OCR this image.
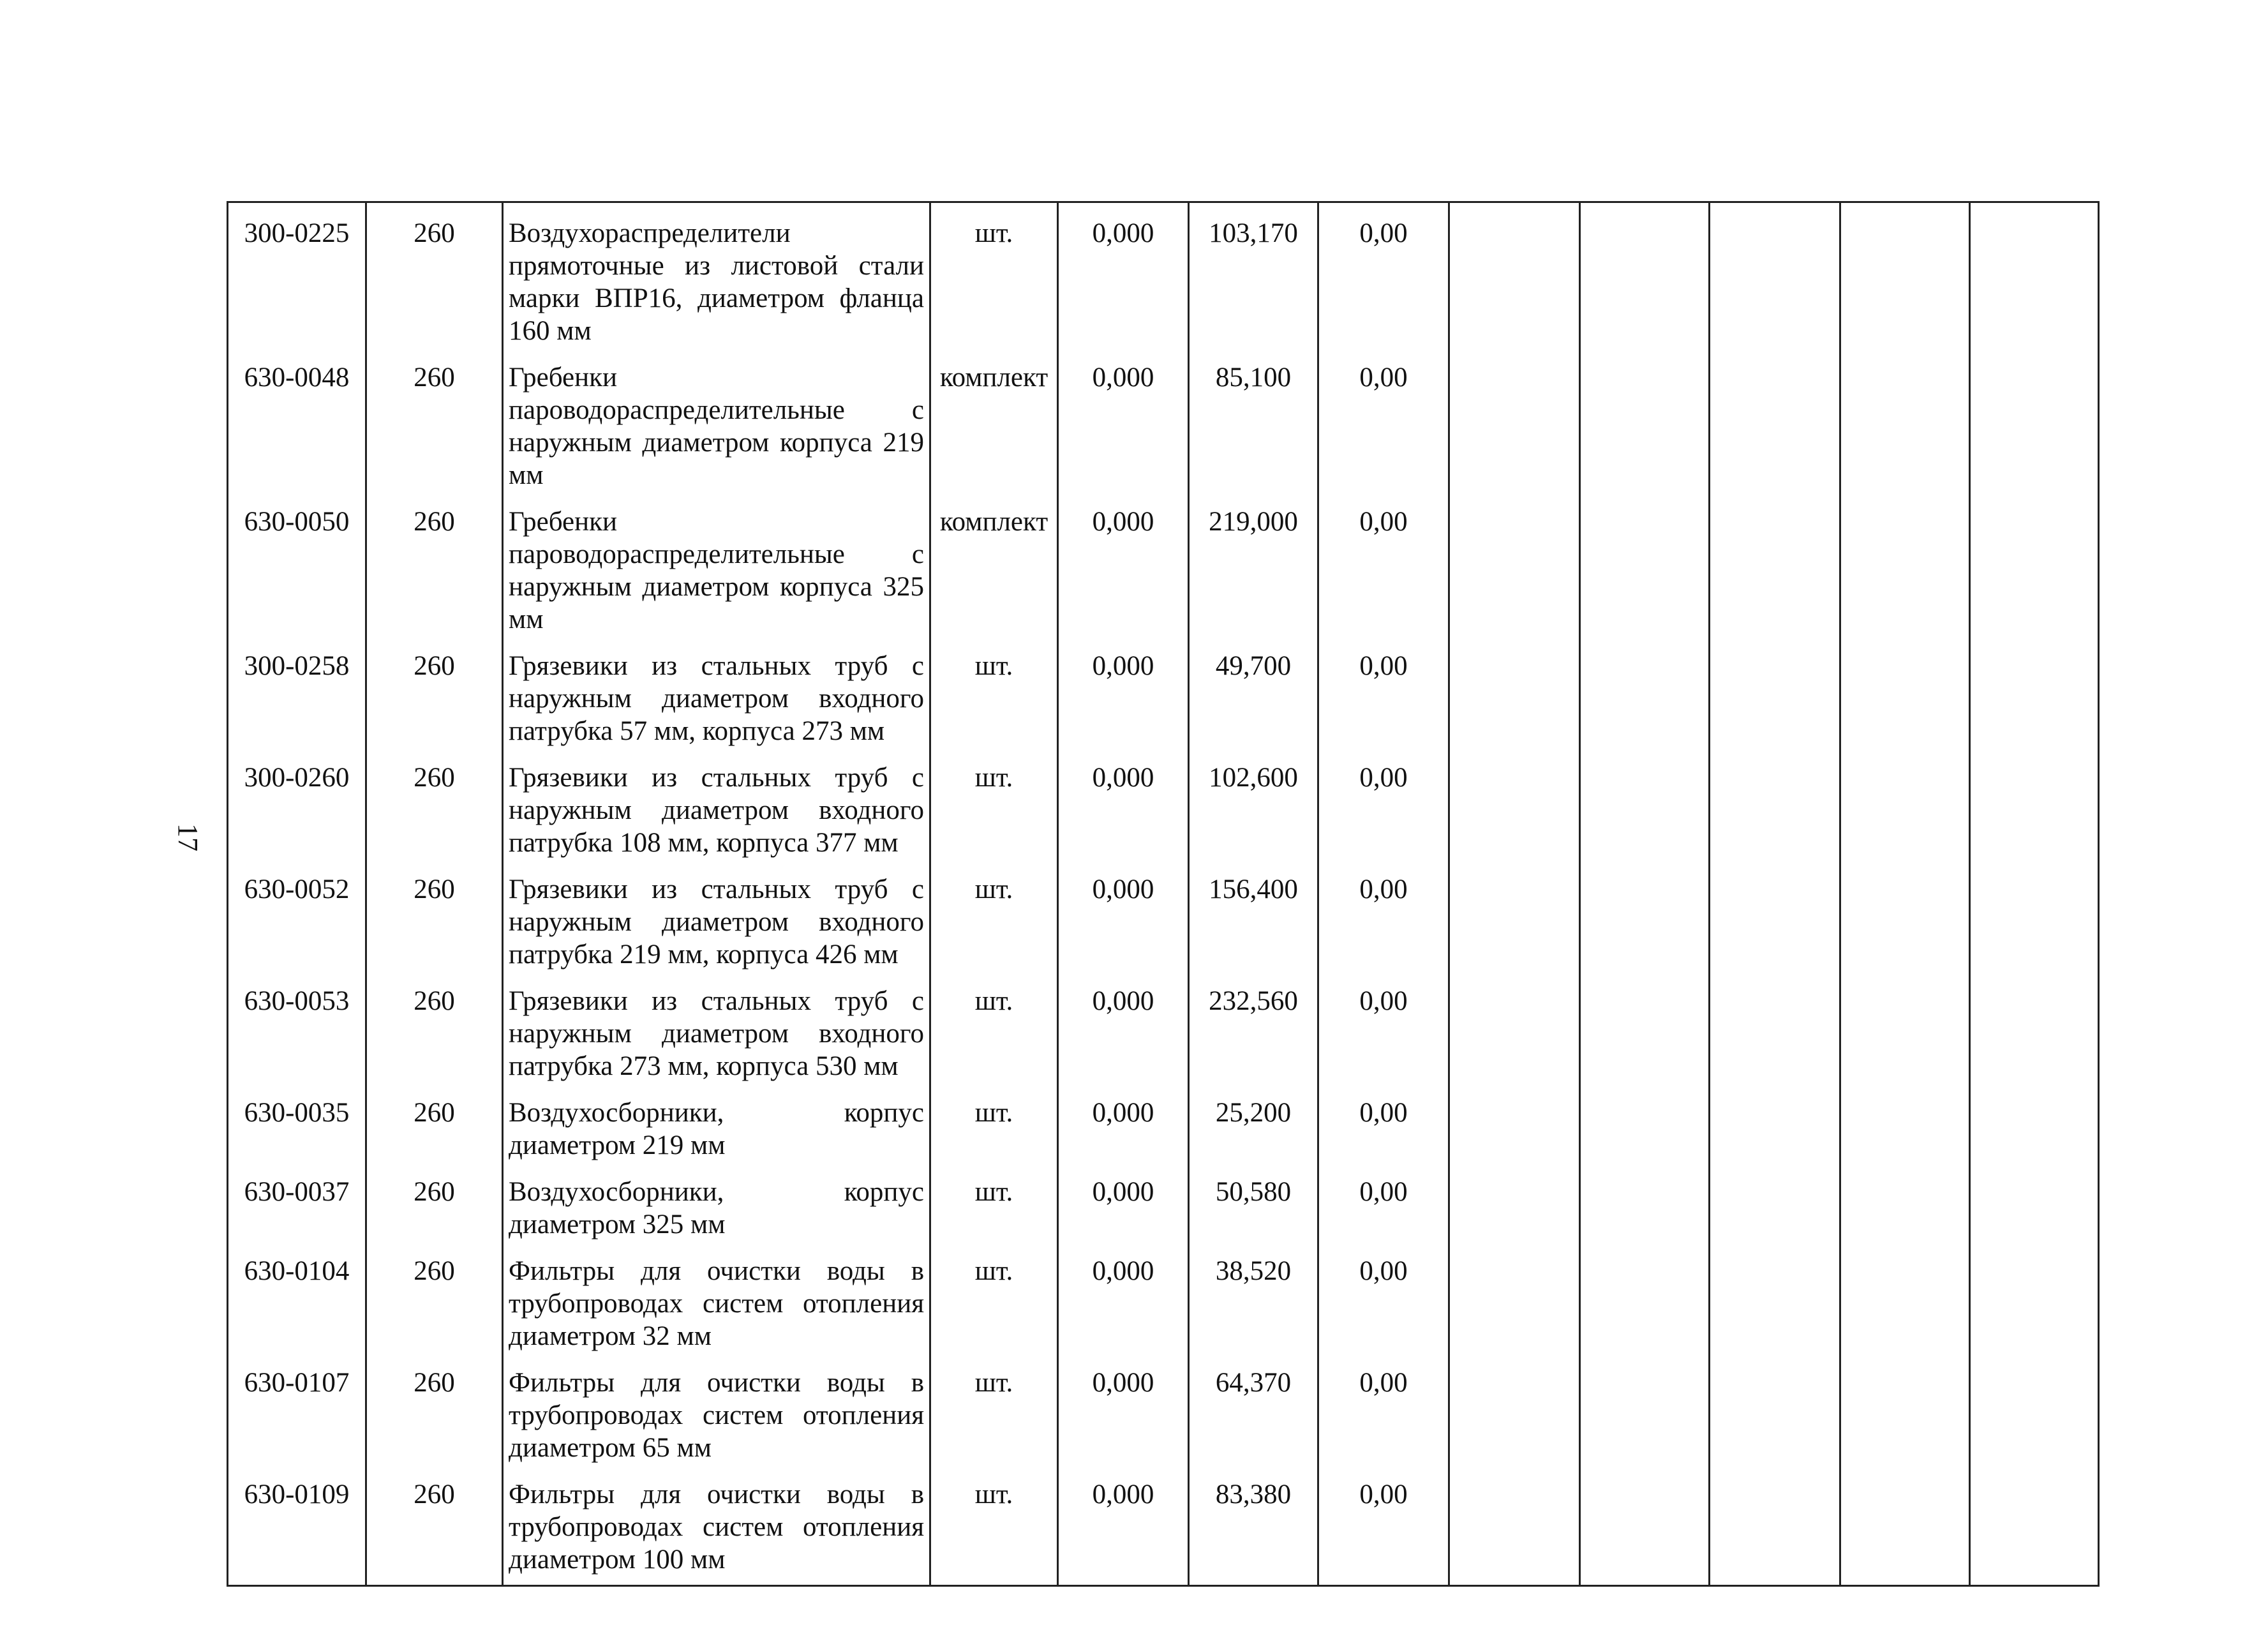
17
300-0225	260	Воздухораспределители прямоточные из листовой стали марки ВПР16, диаметром фланца 160 мм	шт.	0,000	103,170	0,00					

630-0048	260	Гребенки пароводораспределительные с наружным диаметром корпуса 219 мм	комплект	0,000	85,100	0,00					

630-0050	260	Гребенки пароводораспределительные с наружным диаметром корпуса 325 мм	комплект	0,000	219,000	0,00					

300-0258	260	Грязевики из стальных труб с наружным диаметром входного патрубка 57 мм, корпуса 273 мм	шт.	0,000	49,700	0,00					

300-0260	260	Грязевики из стальных труб с наружным диаметром входного патрубка 108 мм, корпуса 377 мм	шт.	0,000	102,600	0,00					

630-0052	260	Грязевики из стальных труб с наружным диаметром входного патрубка 219 мм, корпуса 426 мм	шт.	0,000	156,400	0,00					

630-0053	260	Грязевики из стальных труб с наружным диаметром входного патрубка 273 мм, корпуса 530 мм	шт.	0,000	232,560	0,00					

630-0035	260	Воздухосборники, корпус диаметром 219 мм	шт.	0,000	25,200	0,00					

630-0037	260	Воздухосборники, корпус диаметром 325 мм	шт.	0,000	50,580	0,00					

630-0104	260	Фильтры для очистки воды в трубопроводах систем отопления диаметром 32 мм	шт.	0,000	38,520	0,00					

630-0107	260	Фильтры для очистки воды в трубопроводах систем отопления диаметром 65 мм	шт.	0,000	64,370	0,00					

630-0109	260	Фильтры для очистки воды в трубопроводах систем отопления диаметром 100 мм	шт.	0,000	83,380	0,00					
